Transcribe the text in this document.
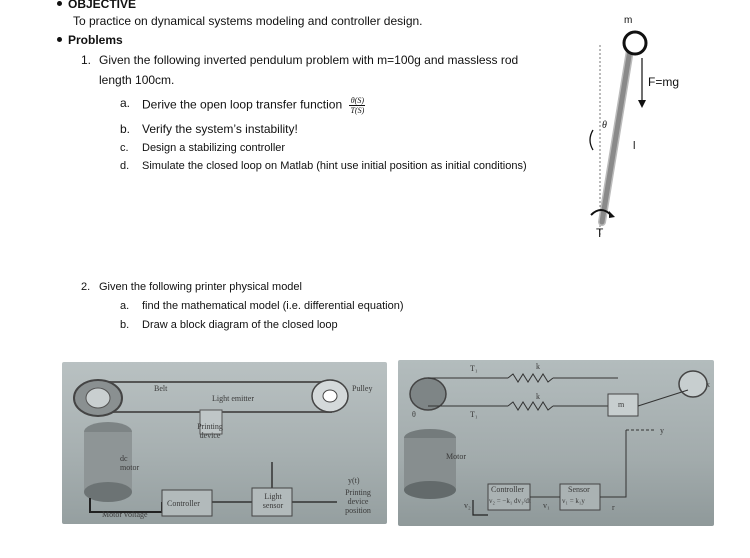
OBJECTIVE
To practice on dynamical systems modeling and controller design.
Problems
1. Given the following inverted pendulum problem with m=100g and massless rod
length 100cm.
a. Derive the open loop transfer function $\frac{\theta(S)}{T(S)}$
b. Verify the system’s instability!
c. Design a stabilizing controller
d. Simulate the closed loop on Matlab (hint use initial position as initial conditions)
2. Given the following printer physical model
a. find the mathematical model (i.e. differential equation)
b. Draw a block diagram of the closed loop
m
F=mg
θ
l
T
Belt	Pulley
Light emitter
Printing device
dc motor
Controller
Light sensor
y(t)
Printing device position
Motor voltage
T₁
T₁
k
k
m
y
Motor
Controller
v₂ = −k₁ dv₁/dt
Sensor
v₁ = k₁y
v₂	v₁	r
θ
x
